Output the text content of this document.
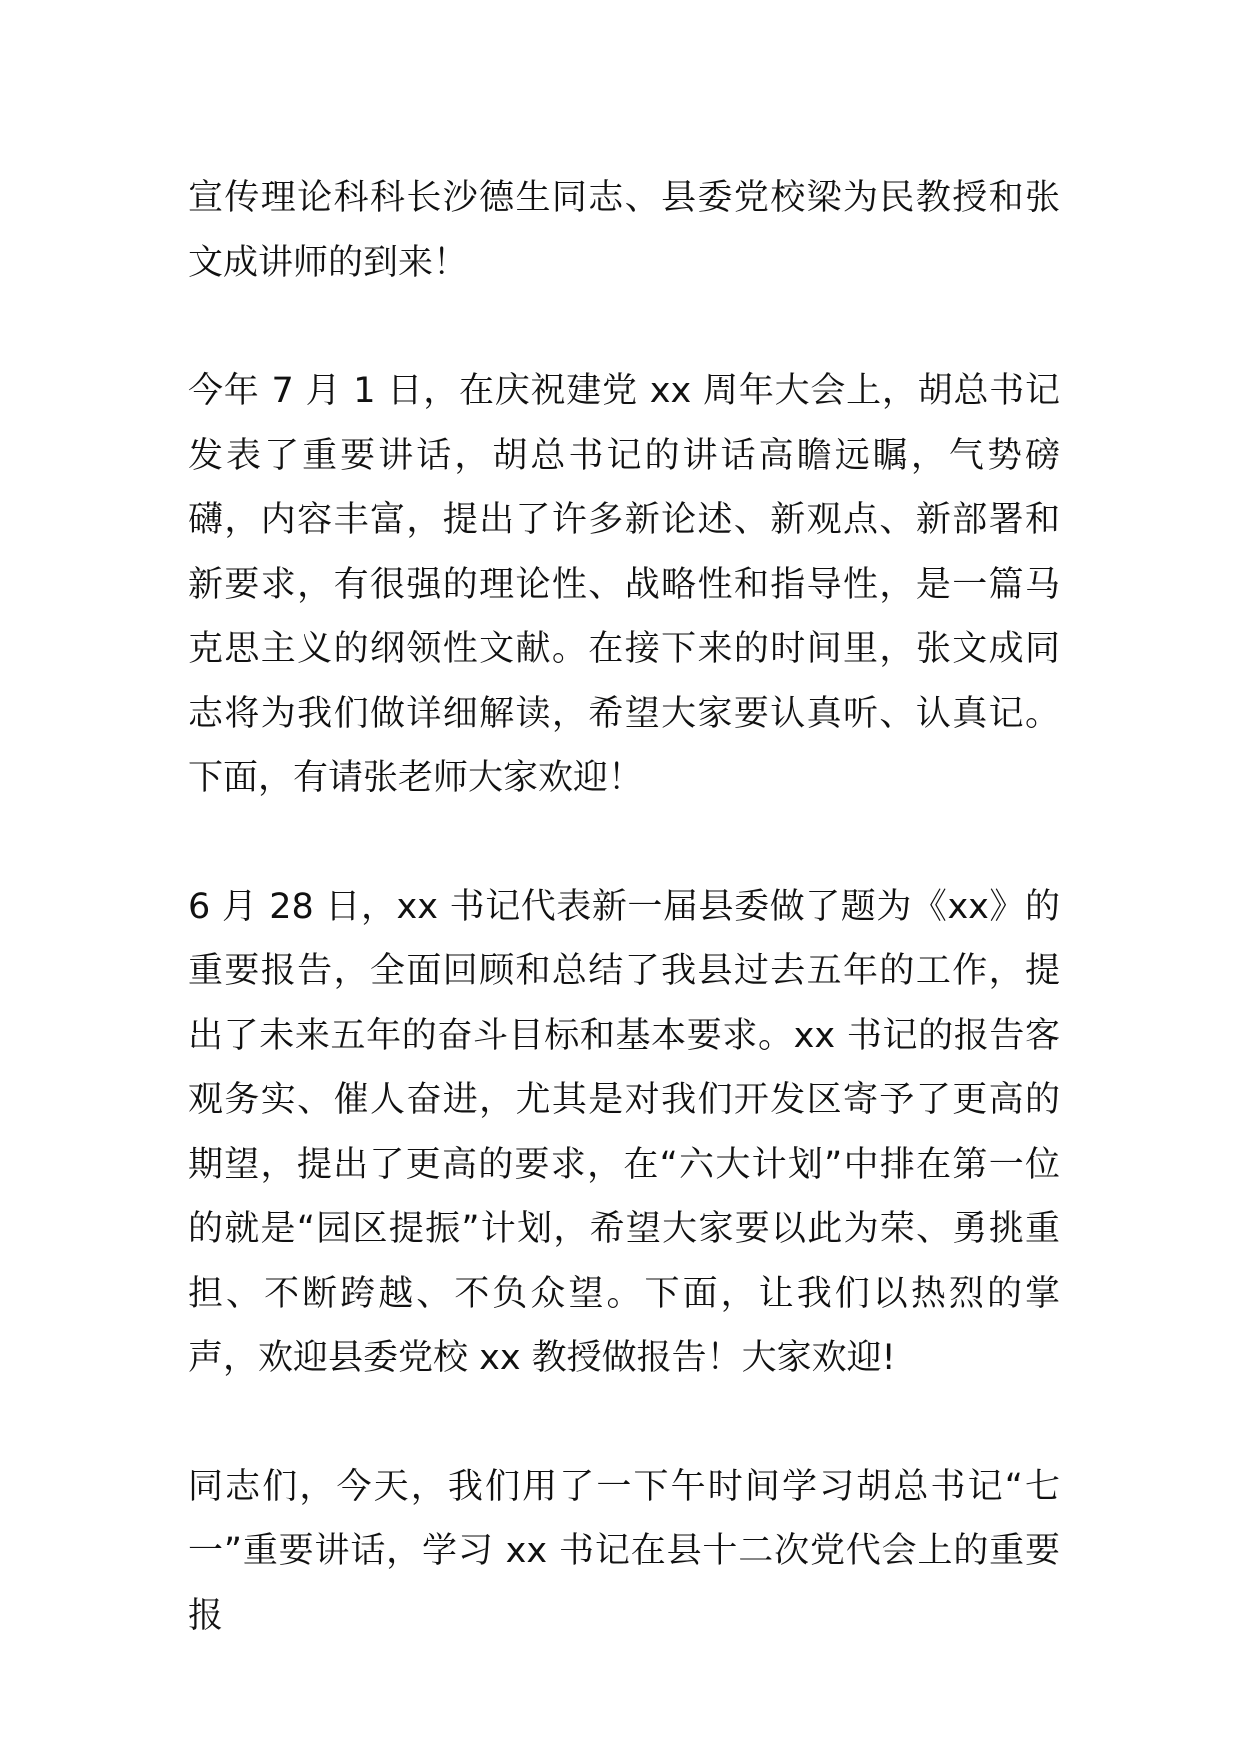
宣传理论科科长沙德生同志、县委党校梁为民教授和张文成讲师的到来！

今年 7 月 1 日，在庆祝建党 xx 周年大会上，胡总书记发表了重要讲话，胡总书记的讲话高瞻远瞩，气势磅礴，内容丰富，提出了许多新论述、新观点、新部署和新要求，有很强的理论性、战略性和指导性，是一篇马克思主义的纲领性文献。在接下来的时间里，张文成同志将为我们做详细解读，希望大家要认真听、认真记。下面，有请张老师大家欢迎！

6 月 28 日，xx 书记代表新一届县委做了题为《xx》的重要报告，全面回顾和总结了我县过去五年的工作，提出了未来五年的奋斗目标和基本要求。xx 书记的报告客观务实、催人奋进，尤其是对我们开发区寄予了更高的期望，提出了更高的要求，在“六大计划”中排在第一位的就是“园区提振”计划，希望大家要以此为荣、勇挑重担、不断跨越、不负众望。下面，让我们以热烈的掌声，欢迎县委党校 xx 教授做报告！大家欢迎!

同志们，今天，我们用了一下午时间学习胡总书记“七一”重要讲话，学习 xx 书记在县十二次党代会上的重要报
